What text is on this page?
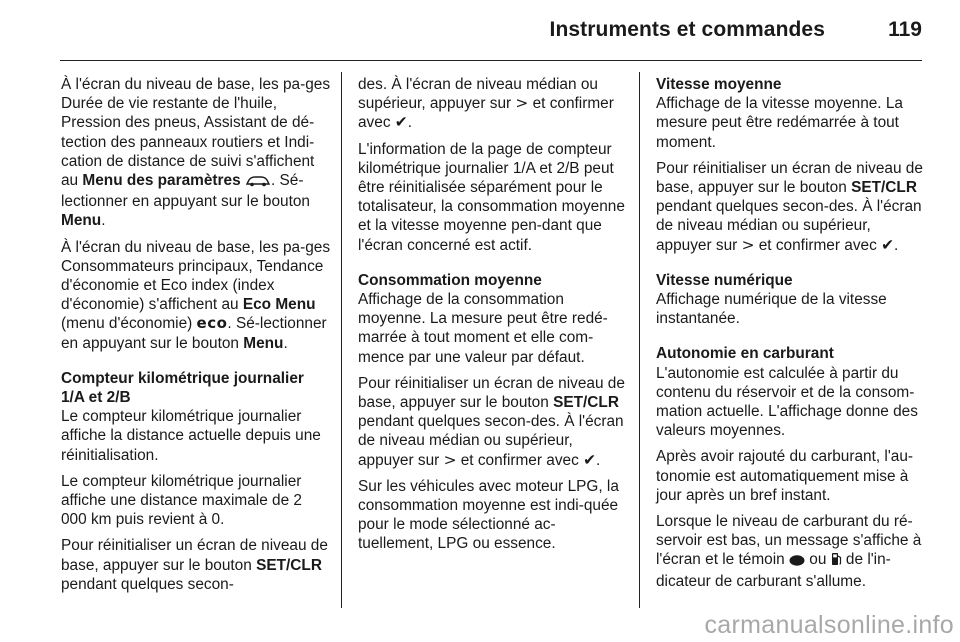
Instruments et commandes	119

À l'écran du niveau de base, les pa-ges Durée de vie restante de l'huile, Pression des pneus, Assistant de dé-tection des panneaux routiers et Indi-cation de distance de suivi s'affichent au Menu des paramètres . Sé-lectionner en appuyant sur le bouton Menu.

À l'écran du niveau de base, les pa-ges Consommateurs principaux, Tendance d'économie et Eco index (index d'économie) s'affichent au Eco Menu (menu d'économie) eco. Sé-lectionner en appuyant sur le bouton Menu.

Compteur kilométrique journalier 1/A et 2/B
Le compteur kilométrique journalier affiche la distance actuelle depuis une réinitialisation.

Le compteur kilométrique journalier affiche une distance maximale de 2 000 km puis revient à 0.

Pour réinitialiser un écran de niveau de base, appuyer sur le bouton SET/CLR pendant quelques secon-

des. À l'écran de niveau médian ou supérieur, appuyer sur > et confirmer avec ✔.

L'information de la page de compteur kilométrique journalier 1/A et 2/B peut être réinitialisée séparément pour le totalisateur, la consommation moyenne et la vitesse moyenne pen-dant que l'écran concerné est actif.

Consommation moyenne
Affichage de la consommation moyenne. La mesure peut être redé-marrée à tout moment et elle com-mence par une valeur par défaut.

Pour réinitialiser un écran de niveau de base, appuyer sur le bouton SET/CLR pendant quelques secon-des. À l'écran de niveau médian ou supérieur, appuyer sur > et confirmer avec ✔.

Sur les véhicules avec moteur LPG, la consommation moyenne est indi-quée pour le mode sélectionné ac-tuellement, LPG ou essence.

Vitesse moyenne
Affichage de la vitesse moyenne. La mesure peut être redémarrée à tout moment.

Pour réinitialiser un écran de niveau de base, appuyer sur le bouton SET/CLR pendant quelques secon-des. À l'écran de niveau médian ou supérieur, appuyer sur > et confirmer avec ✔.

Vitesse numérique
Affichage numérique de la vitesse instantanée.

Autonomie en carburant
L'autonomie est calculée à partir du contenu du réservoir et de la consom-mation actuelle. L'affichage donne des valeurs moyennes.

Après avoir rajouté du carburant, l'au-tonomie est automatiquement mise à jour après un bref instant.

Lorsque le niveau de carburant du ré-servoir est bas, un message s'affiche à l'écran et le témoin  ou  de l'in-dicateur de carburant s'allume.

carmanualsonline.info
